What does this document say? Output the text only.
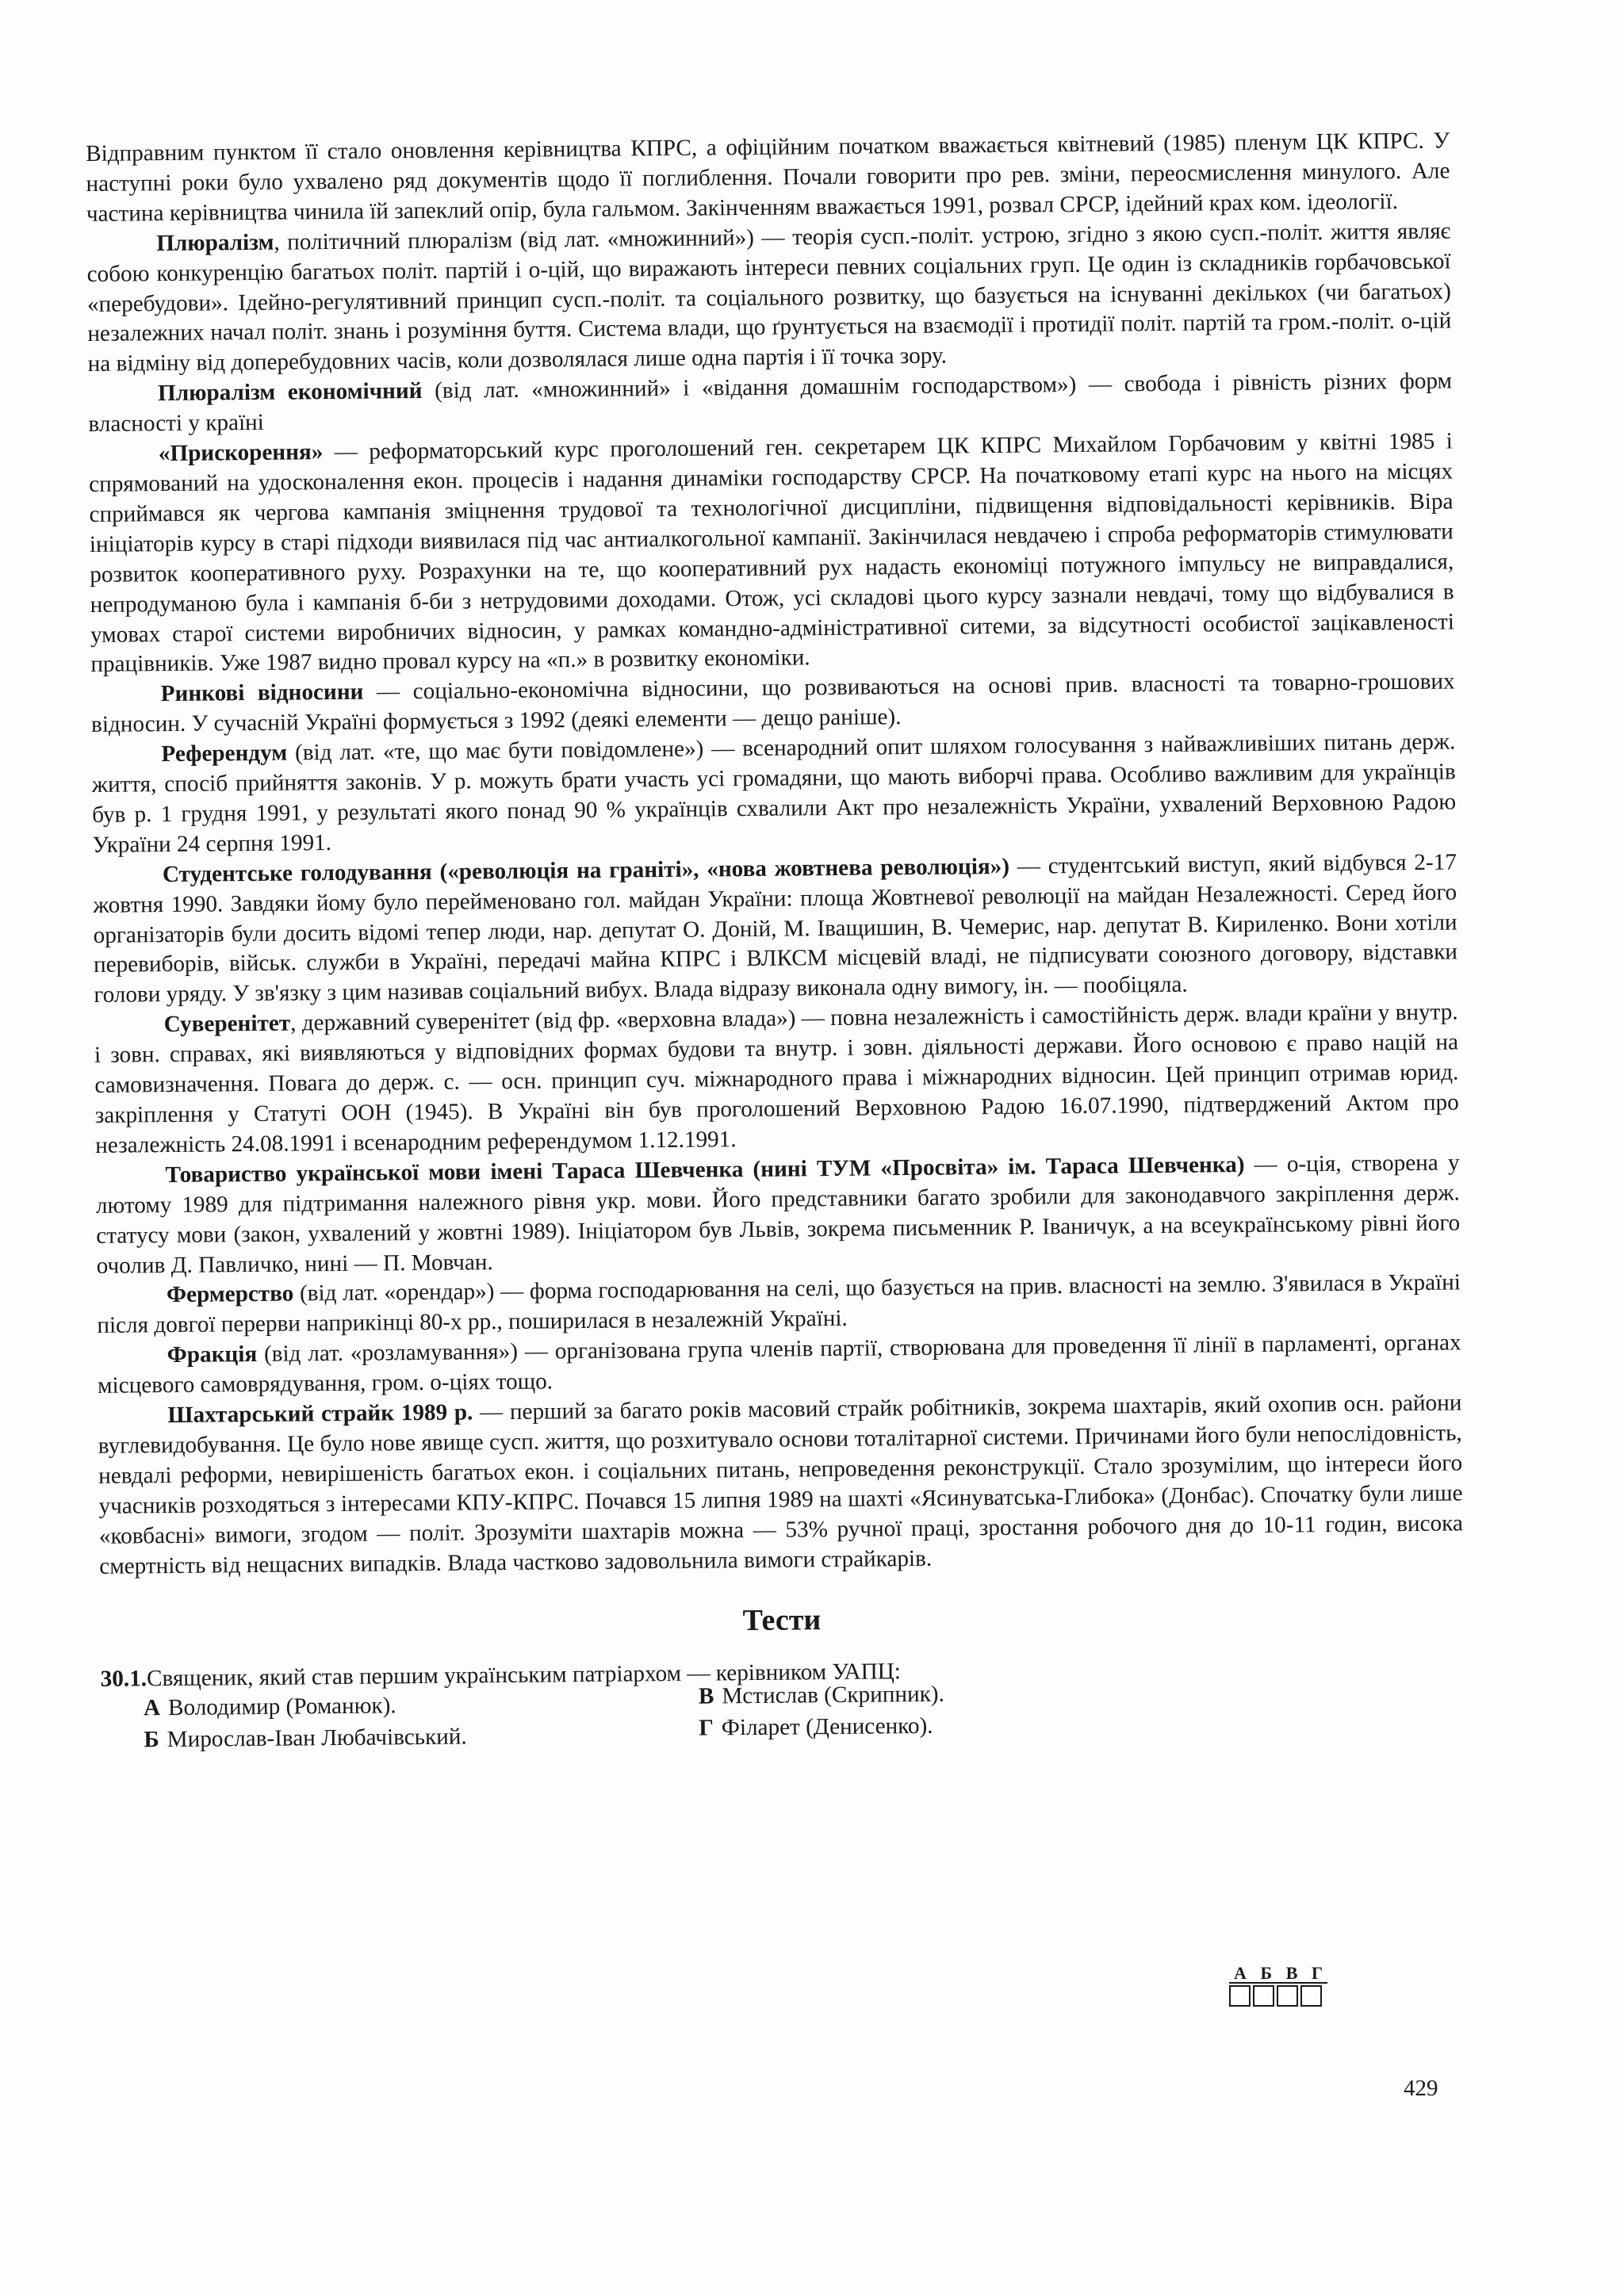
Відправним пунктом її стало оновлення керівництва КПРС, а офіційним початком вважається квітневий (1985) пленум ЦК КПРС. У наступні роки було ухвалено ряд документів щодо її поглиблення. Почали говорити про рев. зміни, переосмислення минулого. Але частина керівництва чинила їй запеклий опір, була гальмом. Закінченням вважається 1991, розвал СРСР, ідейний крах ком. ідеології.

Плюралізм, політичний плюралізм (від лат. «множинний») — теорія сусп.-політ. устрою, згідно з якою сусп.-політ. життя являє собою конкуренцію багатьох політ. партій і о-цій, що виражають інтереси певних соціальних груп. Це один із складників горбачовської «перебудови». Ідейно-регулятивний принцип сусп.-політ. та соціального розвитку, що базується на існуванні декількох (чи багатьох) незалежних начал політ. знань і розуміння буття. Система влади, що ґрунтується на взаємодії і протидії політ. партій та гром.-політ. о-цій на відміну від доперебудовних часів, коли дозволялася лише одна партія і її точка зору.

Плюралізм економічний (від лат. «множинний» і «відання домашнім господарством») — свобода і рівність різних форм власності у країні

«Прискорення» — реформаторський курс проголошений ген. секретарем ЦК КПРС Михайлом Горбачовим у квітні 1985 і спрямований на удосконалення екон. процесів і надання динаміки господарству СРСР. На початковому етапі курс на нього на місцях сприймався як чергова кампанія зміцнення трудової та технологічної дисципліни, підвищення відповідальності керівників. Віра ініціаторів курсу в старі підходи виявилася під час антиалкогольної кампанії. Закінчилася невдачею і спроба реформаторів стимулювати розвиток кооперативного руху. Розрахунки на те, що кооперативний рух надасть економіці потужного імпульсу не виправдалися, непродуманою була і кампанія б-би з нетрудовими доходами. Отож, усі складові цього курсу зазнали невдачі, тому що відбувалися в умовах старої системи виробничих відносин, у рамках командно-адміністративної ситеми, за відсутності особистої зацікавленості працівників. Уже 1987 видно провал курсу на «п.» в розвитку економіки.

Ринкові відносини — соціально-економічна відносини, що розвиваються на основі прив. власності та товарно-грошових відносин. У сучасній Україні формується з 1992 (деякі елементи — дещо раніше).

Референдум (від лат. «те, що має бути повідомлене») — всенародний опит шляхом голосування з найважливіших питань держ. життя, спосіб прийняття законів. У р. можуть брати участь усі громадяни, що мають виборчі права. Особливо важливим для українців був р. 1 грудня 1991, у результаті якого понад 90 % українців схвалили Акт про незалежність України, ухвалений Верховною Радою України 24 серпня 1991.

Студентське голодування («революція на граніті», «нова жовтнева революція») — студентський виступ, який відбувся 2-17 жовтня 1990. Завдяки йому було перейменовано гол. майдан України: площа Жовтневої революції на майдан Незалежності. Серед його організаторів були досить відомі тепер люди, нар. депутат О. Доній, М. Іващишин, В. Чемерис, нар. депутат В. Кириленко. Вони хотіли перевиборів, військ. служби в Україні, передачі майна КПРС і ВЛКСМ місцевій владі, не підписувати союзного договору, відставки голови уряду. У зв'язку з цим називав соціальний вибух. Влада відразу виконала одну вимогу, ін. — пообіцяла.

Суверенітет, державний суверенітет (від фр. «верховна влада») — повна незалежність і самостійність держ. влади країни у внутр. і зовн. справах, які виявляються у відповідних формах будови та внутр. і зовн. діяльності держави. Його основою є право націй на самовизначення. Повага до держ. с. — осн. принцип суч. міжнародного права і міжнародних відносин. Цей принцип отримав юрид. закріплення у Статуті ООН (1945). В Україні він був проголошений Верховною Радою 16.07.1990, підтверджений Актом про незалежність 24.08.1991 і всенародним референдумом 1.12.1991.

Товариство української мови імені Тараса Шевченка (нині ТУМ «Просвіта» ім. Тараса Шевченка) — о-ція, створена у лютому 1989 для підтримання належного рівня укр. мови. Його представники багато зробили для законодавчого закріплення держ. статусу мови (закон, ухвалений у жовтні 1989). Ініціатором був Львів, зокрема письменник Р. Іваничук, а на всеукраїнському рівні його очолив Д. Павличко, нині — П. Мовчан.

Фермерство (від лат. «орендар») — форма господарювання на селі, що базується на прив. власності на землю. З'явилася в Україні після довгої перерви наприкінці 80-х рр., поширилася в незалежній Україні.

Фракція (від лат. «розламування») — організована група членів партії, створювана для проведення її лінії в парламенті, органах місцевого самоврядування, гром. о-ціях тощо.

Шахтарський страйк 1989 р. — перший за багато років масовий страйк робітників, зокрема шахтарів, який охопив осн. райони вуглевидобування. Це було нове явище сусп. життя, що розхитувало основи тоталітарної системи. Причинами його були непослідовність, невдалі реформи, невирішеність багатьох екон. і соціальних питань, непроведення реконструкції. Стало зрозумілим, що інтереси його учасників розходяться з інтересами КПУ-КПРС. Почався 15 липня 1989 на шахті «Ясинуватська-Глибока» (Донбас). Спочатку були лише «ковбасні» вимоги, згодом — політ. Зрозуміти шахтарів можна — 53% ручної праці, зростання робочого дня до 10-11 годин, висока смертність від нещасних випадків. Влада частково задовольнила вимоги страйкарів.

Тести
30.1.Священик, який став першим українським патріархом — керівником УАПЦ:
А Володимир (Романюк).
Б Мирослав-Іван Любачівський.
В Мстислав (Скрипник).
Г Філарет (Денисенко).
А Б В Г
429
